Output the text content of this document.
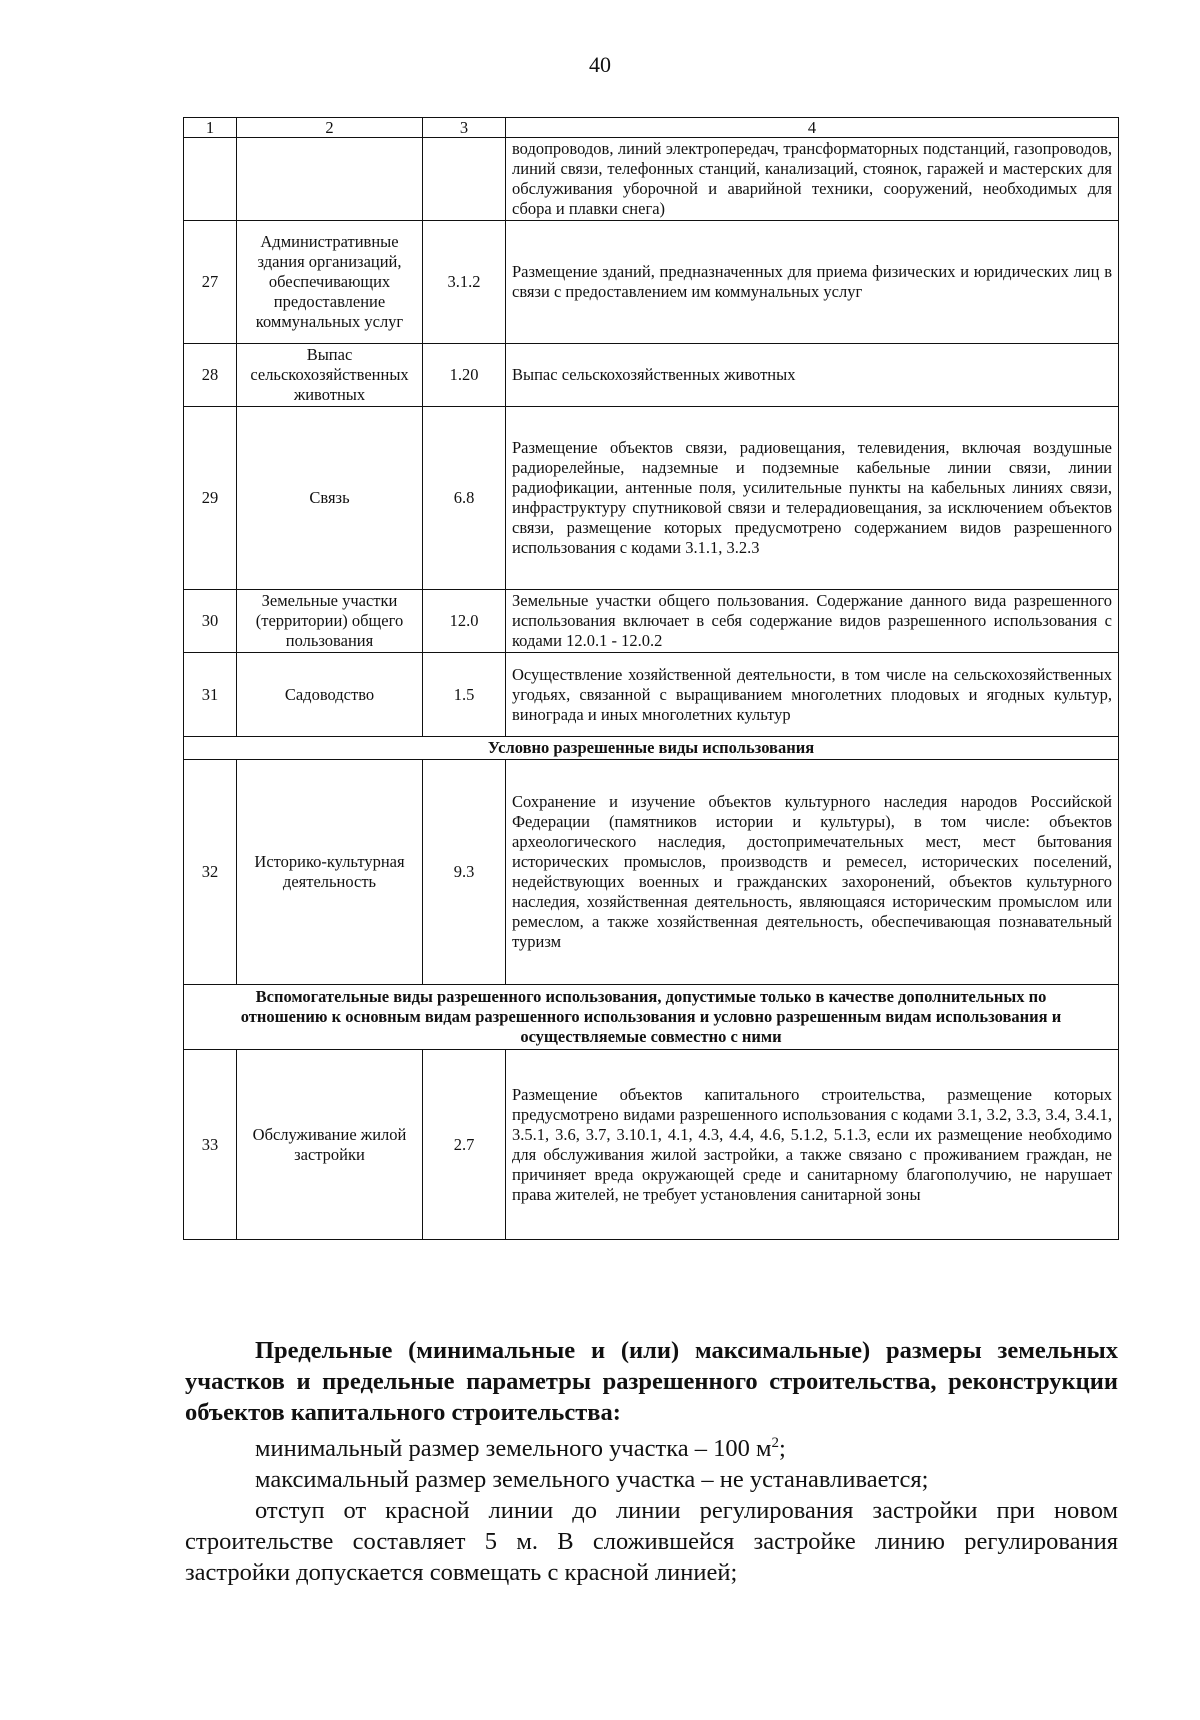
40
1	2	3	4
			водопроводов, линий электропередач, трансформаторных подстанций, газопроводов, линий связи, телефонных станций, канализаций, стоянок, гаражей и мастерских для обслуживания уборочной и аварийной техники, сооружений, необходимых для сбора и плавки снега)
27	Административные здания организаций, обеспечивающих предоставление коммунальных услуг	3.1.2	Размещение зданий, предназначенных для приема физических и юридических лиц в связи с предоставлением им коммунальных услуг
28	Выпас сельскохозяйственных животных	1.20	Выпас сельскохозяйственных животных
29	Связь	6.8	Размещение объектов связи, радиовещания, телевидения, включая воздушные радиорелейные, надземные и подземные кабельные линии связи, линии радиофикации, антенные поля, усилительные пункты на кабельных линиях связи, инфраструктуру спутниковой связи и телерадиовещания, за исключением объектов связи, размещение которых предусмотрено содержанием видов разрешенного использования с кодами 3.1.1, 3.2.3
30	Земельные участки (территории) общего пользования	12.0	Земельные участки общего пользования. Содержание данного вида разрешенного использования включает в себя содержание видов разрешенного использования с кодами 12.0.1 - 12.0.2
31	Садоводство	1.5	Осуществление хозяйственной деятельности, в том числе на сельскохозяйственных угодьях, связанной с выращиванием многолетних плодовых и ягодных культур, винограда и иных многолетних культур
Условно разрешенные виды использования			
32	Историко-культурная деятельность	9.3	Сохранение и изучение объектов культурного наследия народов Российской Федерации (памятников истории и культуры), в том числе: объектов археологического наследия, достопримечательных мест, мест бытования исторических промыслов, производств и ремесел, исторических поселений, недействующих военных и гражданских захоронений, объектов культурного наследия, хозяйственная деятельность, являющаяся историческим промыслом или ремеслом, а также хозяйственная деятельность, обеспечивающая познавательный туризм
Вспомогательные виды разрешенного использования, допустимые только в качестве дополнительных по отношению к основным видам разрешенного использования и условно разрешенным видам использования и осуществляемые совместно с ними			
33	Обслуживание жилой застройки	2.7	Размещение объектов капитального строительства, размещение которых предусмотрено видами разрешенного использования с кодами 3.1, 3.2, 3.3, 3.4, 3.4.1, 3.5.1, 3.6, 3.7, 3.10.1, 4.1, 4.3, 4.4, 4.6, 5.1.2, 5.1.3, если их размещение необходимо для обслуживания жилой застройки, а также связано с проживанием граждан, не причиняет вреда окружающей среде и санитарному благополучию, не нарушает права жителей, не требует установления санитарной зоны

Предельные (минимальные и (или) максимальные) размеры земельных участков и предельные параметры разрешенного строительства, реконструкции объектов капитального строительства:

минимальный размер земельного участка – 100 $м^2$;

максимальный размер земельного участка – не устанавливается;

отступ от красной линии до линии регулирования застройки при новом строительстве составляет 5 м. В сложившейся застройке линию регулирования застройки допускается совмещать с красной линией;
